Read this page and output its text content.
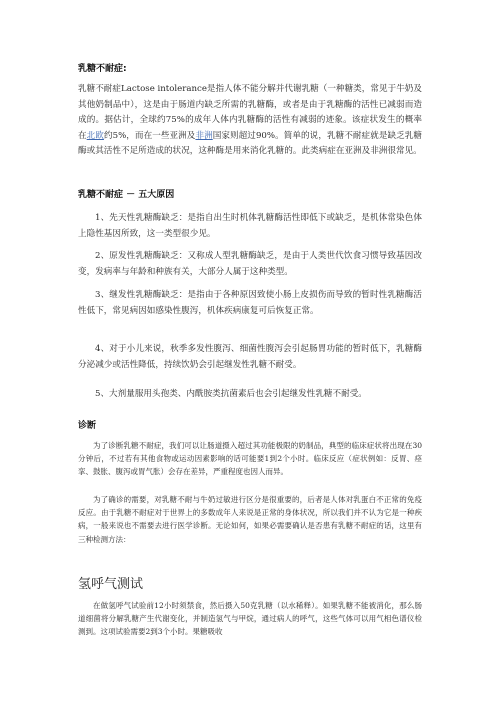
乳糖不耐症:

乳糖不耐症Lactose intolerance是指人体不能分解并代谢乳糖（一种糖类，常见于牛奶及其他奶制品中），这是由于肠道内缺乏所需的乳糖酶，或者是由于乳糖酶的活性已减弱而造成的。据估计，全球约75%的成年人体内乳糖酶的活性有减弱的迹象。该症状发生的概率在北欧约5%，而在一些亚洲及非洲国家则超过90%。简单的说，乳糖不耐症就是缺乏乳糖酶或其活性不足所造成的状况，这种酶是用来消化乳糖的。此类病症在亚洲及非洲很常见。

乳糖不耐症 － 五大原因

1、先天性乳糖酶缺乏：是指自出生时机体乳糖酶活性即低下或缺乏，是机体常染色体上隐性基因所致，这一类型很少见。

2、原发性乳糖酶缺乏：又称成人型乳糖酶缺乏，是由于人类世代饮食习惯导致基因改变，发病率与年龄和种族有关，大部分人属于这种类型。

3、继发性乳糖酶缺乏：是指由于各种原因致使小肠上皮损伤而导致的暂时性乳糖酶活性低下，常见病因如感染性腹泻，机体疾病康复可后恢复正常。

4、对于小儿来说，秋季多发性腹泻、细菌性腹泻会引起肠胃功能的暂时低下，乳糖酶分泌减少或活性降低，持续饮奶会引起继发性乳糖不耐受。

5、大剂量服用头孢类、内酰胺类抗菌素后也会引起继发性乳糖不耐受。

诊断

为了诊断乳糖不耐症，我们可以让肠道摄入超过其功能极限的奶制品，典型的临床症状将出现在30分钟后，不过若有其他食物或运动因素影响的话可能要1到2个小时。临床反应（症状例如：反胃、痉挛、鼓胀、腹泻或胃气胀）会存在差异，严重程度也因人而异。

为了确诊的需要，对乳糖不耐与牛奶过敏进行区分是很重要的，后者是人体对乳蛋白不正常的免疫反应。由于乳糖不耐症对于世界上的多数成年人来说是正常的身体状况，所以我们并不认为它是一种疾病，一般来说也不需要去进行医学诊断。无论如何，如果必需要确认是否患有乳糖不耐症的话，这里有三种检测方法：

氢呼气测试

在做氢呼气试验前12小时须禁食，然后摄入50克乳糖（以水稀释）。如果乳糖不能被消化，那么肠道细菌将分解乳糖产生代谢变化，并制造氢气与甲烷，通过病人的呼气，这些气体可以用气相色谱仪检测到。这项试验需要2到3个小时。果糖吸收
